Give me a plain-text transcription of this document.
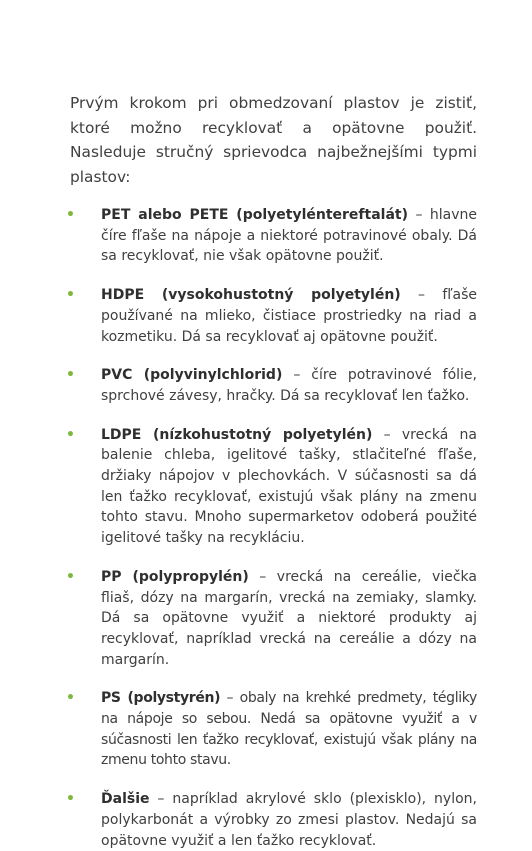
Prvým krokom pri obmedzovaní plastov je zistiť, ktoré možno recyklovať a opätovne použiť. Nasleduje stručný sprievodca najbežnejšími typmi plastov:

• PET alebo PETE (polyetyléntereftalát) – hlavne číre fľaše na nápoje a niektoré potravinové obaly. Dá sa recyklovať, nie však opätovne použiť.
• HDPE (vysokohustotný polyetylén) – fľaše používané na mlieko, čistiace prostriedky na riad a kozmetiku. Dá sa recyklovať aj opätovne použiť.
• PVC (polyvinylchlorid) – číre potravinové fólie, sprchové závesy, hračky. Dá sa recyklovať len ťažko.
• LDPE (nízkohustotný polyetylén) – vrecká na balenie chleba, igelitové tašky, stlačiteľné fľaše, držiaky nápojov v plechovkách. V súčasnosti sa dá len ťažko recyklovať, existujú však plány na zmenu tohto stavu. Mnoho supermarketov odoberá použité igelitové tašky na recykláciu.
• PP (polypropylén) – vrecká na cereálie, viečka fliaš, dózy na margarín, vrecká na zemiaky, slamky. Dá sa opätovne využiť a niektoré produkty aj recyklovať, napríklad vrecká na cereálie a dózy na margarín.
• PS (polystyrén) – obaly na krehké predmety, tégliky na nápoje so sebou. Nedá sa opätovne využiť a v súčasnosti len ťažko recyklovať, existujú však plány na zmenu tohto stavu.
• Ďalšie – napríklad akrylové sklo (plexisklo), nylon, polykarbonát a výrobky zo zmesi plastov. Nedajú sa opätovne využiť a len ťažko recyklovať.
